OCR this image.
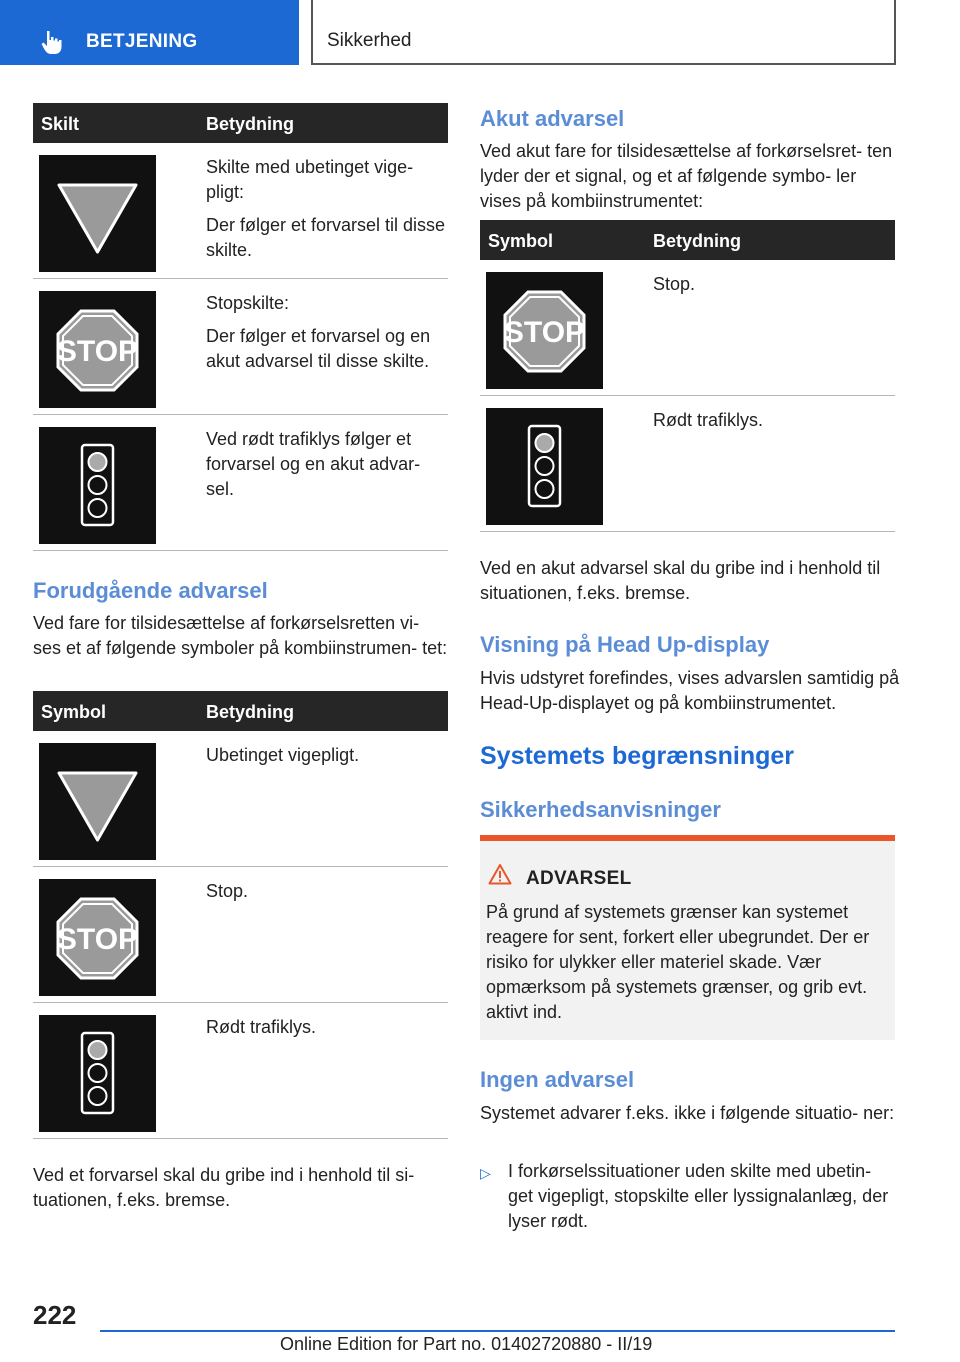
BETJENING	Sikkerhed
Skilt	Betydning

Skilte med ubetinget vige- pligt:

Der følger et forvarsel til disse skilte.

Stopskilte:

Der følger et forvarsel og en akut advarsel til disse skilte.

Ved rødt trafiklys følger et forvarsel og en akut advar- sel.

Forudgående advarsel
Ved fare for tilsidesættelse af forkørselsretten vi- ses et af følgende symboler på kombiinstrumen- tet:
Symbol	Betydning

Ubetinget vigepligt.

Stop.

Rødt trafiklys.

Ved et forvarsel skal du gribe ind i henhold til si- tuationen, f.eks. bremse.
Akut advarsel
Ved akut fare for tilsidesættelse af forkørselsret- ten lyder der et signal, og et af følgende symbo- ler vises på kombiinstrumentet:
Symbol	Betydning

Stop.

Rødt trafiklys.

Ved en akut advarsel skal du gribe ind i henhold til situationen, f.eks. bremse.
Visning på Head Up-display
Hvis udstyret forefindes, vises advarslen samtidig på Head-Up-displayet og på kombiinstrumentet.
Systemets begrænsninger
Sikkerhedsanvisninger
ADVARSEL
På grund af systemets grænser kan systemet reagere for sent, forkert eller ubegrundet. Der er risiko for ulykker eller materiel skade. Vær opmærksom på systemets grænser, og grib evt. aktivt ind.
Ingen advarsel
Systemet advarer f.eks. ikke i følgende situatio- ner:
▷ I forkørselssituationer uden skilte med ubetin- get vigepligt, stopskilte eller lyssignalanlæg, der lyser rødt.
222
Online Edition for Part no. 01402720880 - II/19
